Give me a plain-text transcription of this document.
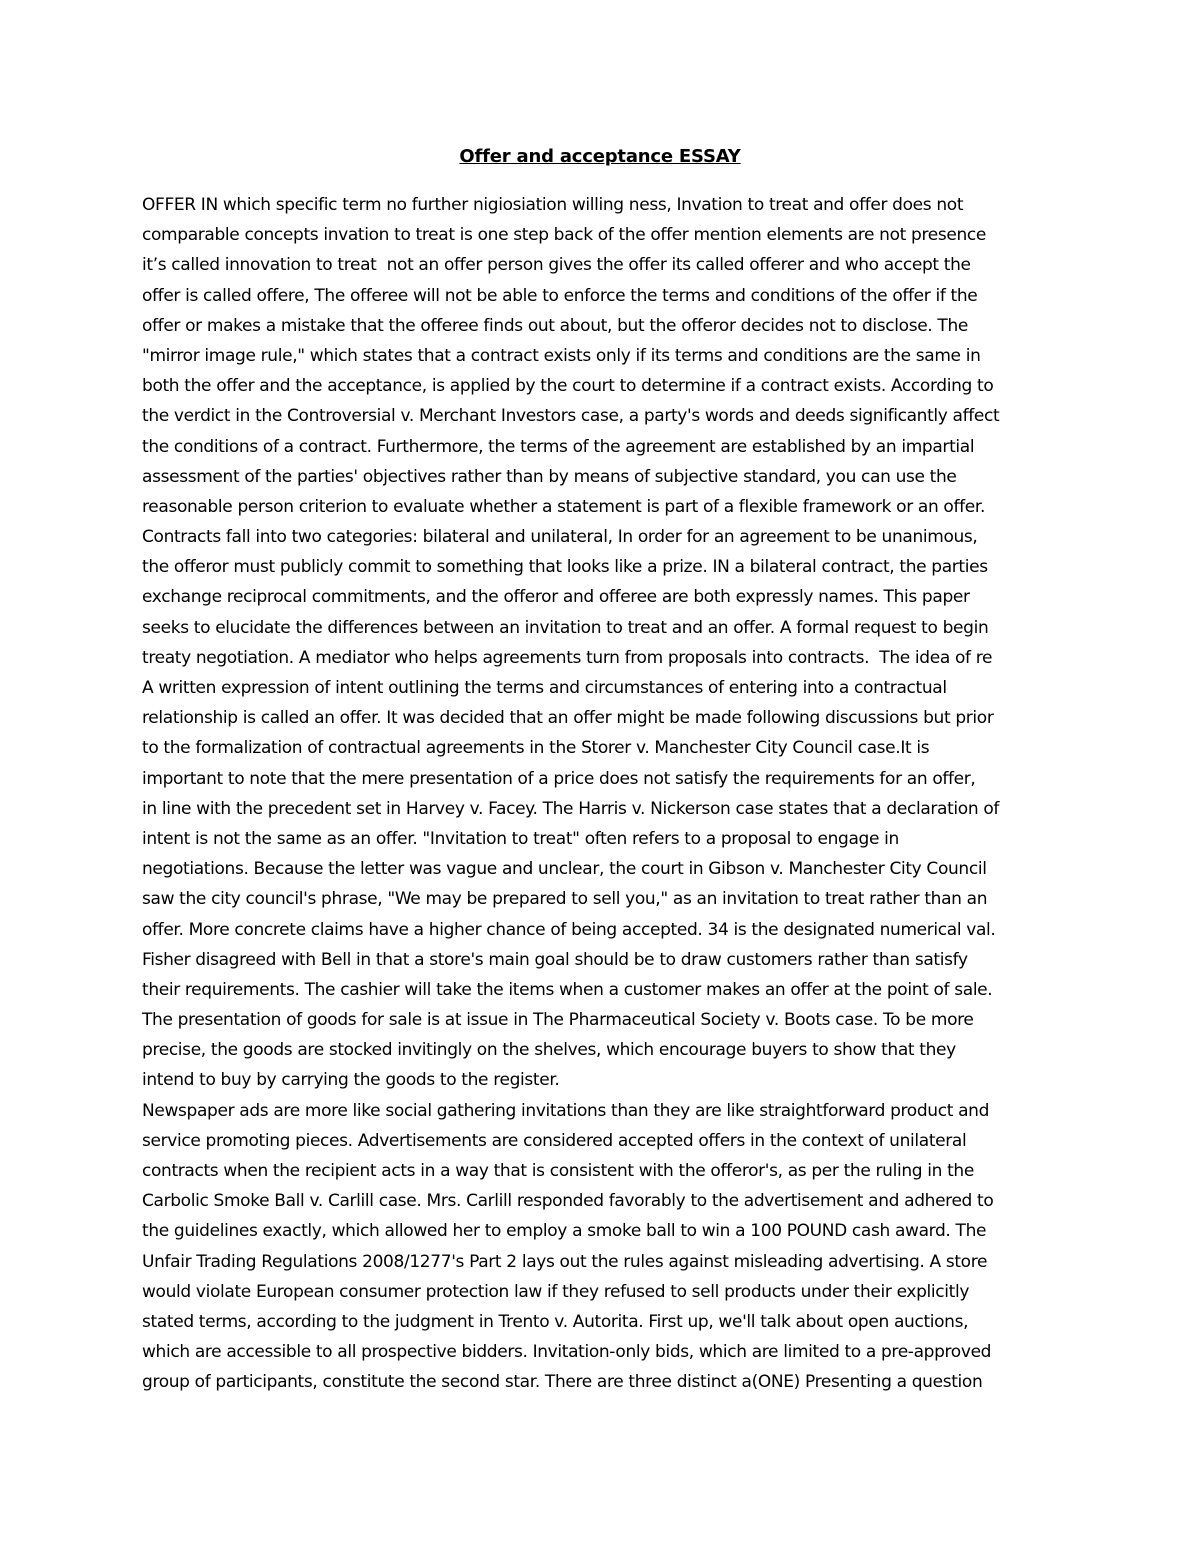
Offer and acceptance ESSAY
OFFER IN which specific term no further nigiosiation willing ness, Invation to treat and offer does not
comparable concepts invation to treat is one step back of the offer mention elements are not presence
it’s called innovation to treat  not an offer person gives the offer its called offerer and who accept the
offer is called offere, The offeree will not be able to enforce the terms and conditions of the offer if the
offer or makes a mistake that the offeree finds out about, but the offeror decides not to disclose. The
"mirror image rule," which states that a contract exists only if its terms and conditions are the same in
both the offer and the acceptance, is applied by the court to determine if a contract exists. According to
the verdict in the Controversial v. Merchant Investors case, a party's words and deeds significantly affect
the conditions of a contract. Furthermore, the terms of the agreement are established by an impartial
assessment of the parties' objectives rather than by means of subjective standard, you can use the
reasonable person criterion to evaluate whether a statement is part of a flexible framework or an offer.
Contracts fall into two categories: bilateral and unilateral, In order for an agreement to be unanimous,
the offeror must publicly commit to something that looks like a prize. IN a bilateral contract, the parties
exchange reciprocal commitments, and the offeror and offeree are both expressly names. This paper
seeks to elucidate the differences between an invitation to treat and an offer. A formal request to begin
treaty negotiation. A mediator who helps agreements turn from proposals into contracts.  The idea of re
A written expression of intent outlining the terms and circumstances of entering into a contractual
relationship is called an offer. It was decided that an offer might be made following discussions but prior
to the formalization of contractual agreements in the Storer v. Manchester City Council case.It is
important to note that the mere presentation of a price does not satisfy the requirements for an offer,
in line with the precedent set in Harvey v. Facey. The Harris v. Nickerson case states that a declaration of
intent is not the same as an offer. "Invitation to treat" often refers to a proposal to engage in
negotiations. Because the letter was vague and unclear, the court in Gibson v. Manchester City Council
saw the city council's phrase, "We may be prepared to sell you," as an invitation to treat rather than an
offer. More concrete claims have a higher chance of being accepted. 34 is the designated numerical val.
Fisher disagreed with Bell in that a store's main goal should be to draw customers rather than satisfy
their requirements. The cashier will take the items when a customer makes an offer at the point of sale.
The presentation of goods for sale is at issue in The Pharmaceutical Society v. Boots case. To be more
precise, the goods are stocked invitingly on the shelves, which encourage buyers to show that they
intend to buy by carrying the goods to the register.
Newspaper ads are more like social gathering invitations than they are like straightforward product and
service promoting pieces. Advertisements are considered accepted offers in the context of unilateral
contracts when the recipient acts in a way that is consistent with the offeror's, as per the ruling in the
Carbolic Smoke Ball v. Carlill case. Mrs. Carlill responded favorably to the advertisement and adhered to
the guidelines exactly, which allowed her to employ a smoke ball to win a 100 POUND cash award. The
Unfair Trading Regulations 2008/1277's Part 2 lays out the rules against misleading advertising. A store
would violate European consumer protection law if they refused to sell products under their explicitly
stated terms, according to the judgment in Trento v. Autorita. First up, we'll talk about open auctions,
which are accessible to all prospective bidders. Invitation-only bids, which are limited to a pre-approved
group of participants, constitute the second star. There are three distinct a(ONE) Presenting a question
